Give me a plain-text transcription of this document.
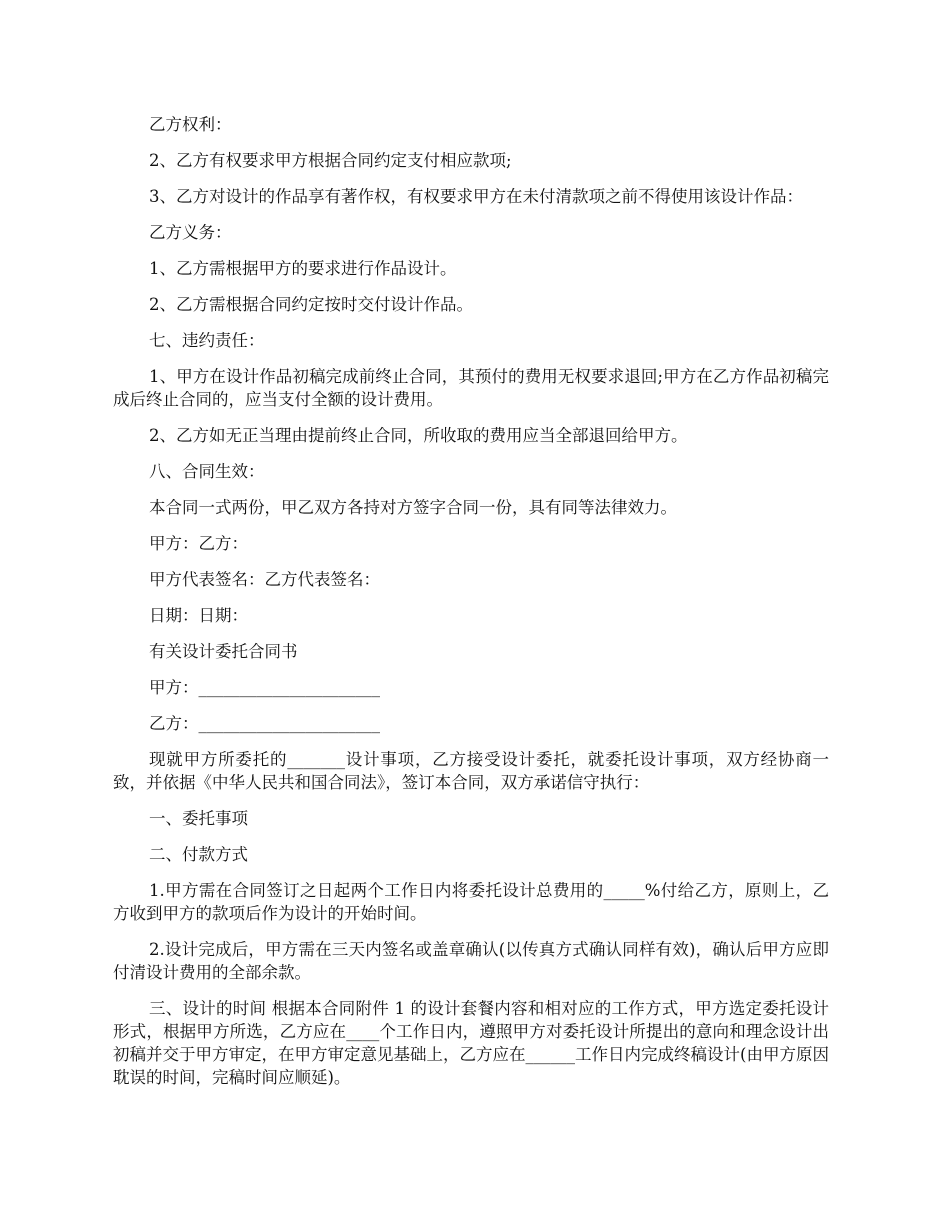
乙方权利：

2、乙方有权要求甲方根据合同约定支付相应款项;

3、乙方对设计的作品享有著作权，有权要求甲方在未付清款项之前不得使用该设计作品：

乙方义务：

1、乙方需根据甲方的要求进行作品设计。

2、乙方需根据合同约定按时交付设计作品。

七、违约责任：

1、甲方在设计作品初稿完成前终止合同，其预付的费用无权要求退回;甲方在乙方作品初稿完成后终止合同的，应当支付全额的设计费用。

2、乙方如无正当理由提前终止合同，所收取的费用应当全部退回给甲方。

八、合同生效：

本合同一式两份，甲乙双方各持对方签字合同一份，具有同等法律效力。

甲方：乙方：

甲方代表签名：乙方代表签名：

日期：日期：

有关设计委托合同书

甲方：______________________

乙方：______________________

现就甲方所委托的_______设计事项，乙方接受设计委托，就委托设计事项，双方经协商一致，并依据《中华人民共和国合同法》，签订本合同，双方承诺信守执行：

一、委托事项

二、付款方式

1.甲方需在合同签订之日起两个工作日内将委托设计总费用的_____%付给乙方，原则上，乙方收到甲方的款项后作为设计的开始时间。

2.设计完成后，甲方需在三天内签名或盖章确认(以传真方式确认同样有效)，确认后甲方应即付清设计费用的全部余款。

三、设计的时间 根据本合同附件 1 的设计套餐内容和相对应的工作方式，甲方选定委托设计形式，根据甲方所选，乙方应在____个工作日内，遵照甲方对委托设计所提出的意向和理念设计出初稿并交于甲方审定，在甲方审定意见基础上，乙方应在______工作日内完成终稿设计(由甲方原因耽误的时间，完稿时间应顺延)。
